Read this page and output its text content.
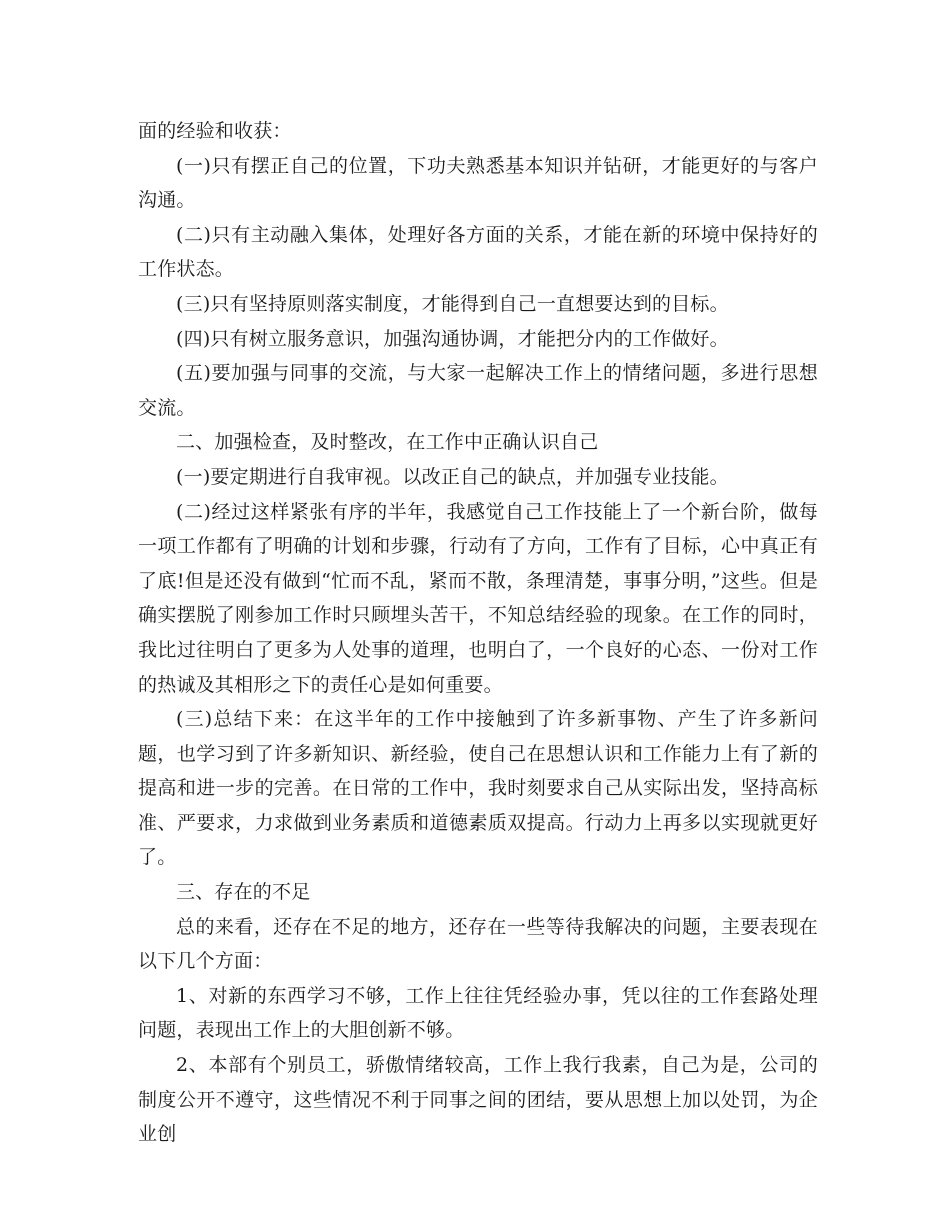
面的经验和收获：

(一)只有摆正自己的位置，下功夫熟悉基本知识并钻研，才能更好的与客户沟通。

(二)只有主动融入集体，处理好各方面的关系，才能在新的环境中保持好的工作状态。

(三)只有坚持原则落实制度，才能得到自己一直想要达到的目标。

(四)只有树立服务意识，加强沟通协调，才能把分内的工作做好。

(五)要加强与同事的交流，与大家一起解决工作上的情绪问题，多进行思想交流。

二、加强检查，及时整改，在工作中正确认识自己

(一)要定期进行自我审视。以改正自己的缺点，并加强专业技能。

(二)经过这样紧张有序的半年，我感觉自己工作技能上了一个新台阶，做每一项工作都有了明确的计划和步骤，行动有了方向，工作有了目标，心中真正有了底!但是还没有做到“忙而不乱，紧而不散，条理清楚，事事分明，”这些。但是确实摆脱了刚参加工作时只顾埋头苦干，不知总结经验的现象。在工作的同时，我比过往明白了更多为人处事的道理，也明白了，一个良好的心态、一份对工作的热诚及其相形之下的责任心是如何重要。

(三)总结下来：在这半年的工作中接触到了许多新事物、产生了许多新问题，也学习到了许多新知识、新经验，使自己在思想认识和工作能力上有了新的提高和进一步的完善。在日常的工作中，我时刻要求自己从实际出发，坚持高标准、严要求，力求做到业务素质和道德素质双提高。行动力上再多以实现就更好了。

三、存在的不足

总的来看，还存在不足的地方，还存在一些等待我解决的问题，主要表现在以下几个方面：

1、对新的东西学习不够，工作上往往凭经验办事，凭以往的工作套路处理问题，表现出工作上的大胆创新不够。

2、本部有个别员工，骄傲情绪较高，工作上我行我素，自己为是，公司的制度公开不遵守，这些情况不利于同事之间的团结，要从思想上加以处罚，为企业创
